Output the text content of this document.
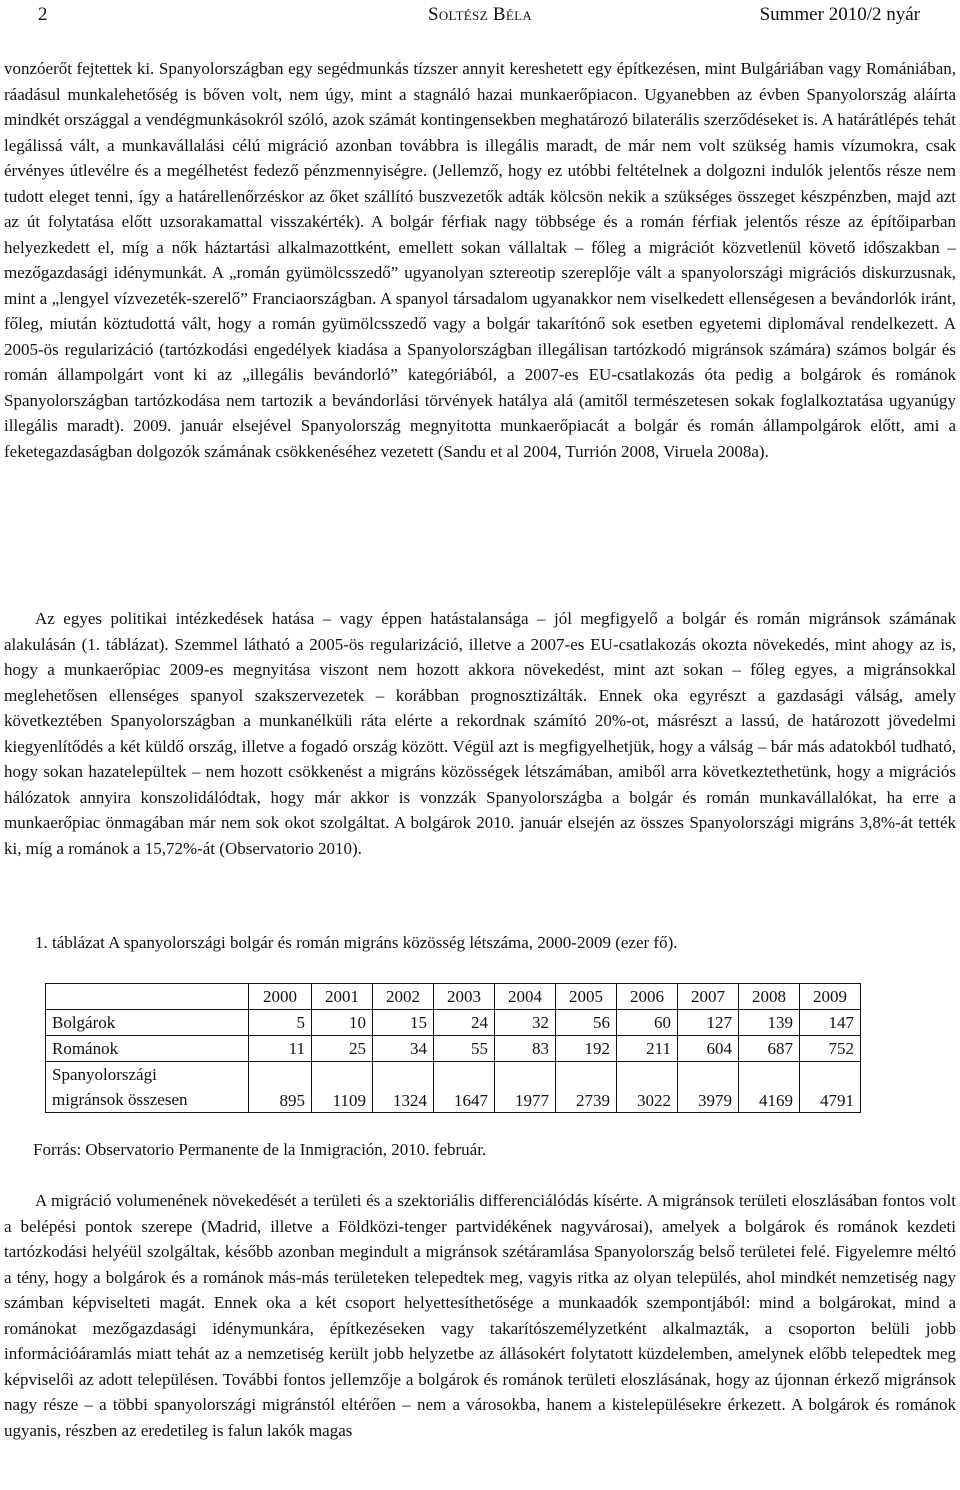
2	Soltész Béla	Summer 2010/2 nyár

vonzóerőt fejtettek ki. Spanyolországban egy segédmunkás tízszer annyit kereshetett egy építkezésen, mint Bulgáriában vagy Romániában, ráadásul munkalehetőség is bőven volt, nem úgy, mint a stagnáló hazai munkaerőpiacon. Ugyanebben az évben Spanyolország aláírta mindkét országgal a vendégmunkásokról szóló, azok számát kontingensekben meghatározó bilaterális szerződéseket is. A határátlépés tehát legálissá vált, a munkavállalási célú migráció azonban továbbra is illegális maradt, de már nem volt szükség hamis vízumokra, csak érvényes útlevélre és a megélhetést fedező pénzmennyiségre. (Jellemző, hogy ez utóbbi feltételnek a dolgozni indulók jelentős része nem tudott eleget tenni, így a határellenőrzéskor az őket szállító buszvezetők adták kölcsön nekik a szükséges összeget készpénzben, majd azt az út folytatása előtt uzsorakamattal visszakérték). A bolgár férfiak nagy többsége és a román férfiak jelentős része az építőiparban helyezkedett el, míg a nők háztartási alkalmazottként, emellett sokan vállaltak – főleg a migrációt közvetlenül követő időszakban – mezőgazdasági idénymunkát. A „román gyümölcsszedő” ugyanolyan sztereotip szereplője vált a spanyolországi migrációs diskurzusnak, mint a „lengyel vízvezeték-szerelő” Franciaországban. A spanyol társadalom ugyanakkor nem viselkedett ellenségesen a bevándorlók iránt, főleg, miután köztudottá vált, hogy a román gyümölcsszedő vagy a bolgár takarítónő sok esetben egyetemi diplomával rendelkezett. A 2005-ös regularizáció (tartózkodási engedélyek kiadása a Spanyolországban illegálisan tartózkodó migránsok számára) számos bolgár és román állampolgárt vont ki az „illegális bevándorló” kategóriából, a 2007-es EU-csatlakozás óta pedig a bolgárok és románok Spanyolországban tartózkodása nem tartozik a bevándorlási törvények hatálya alá (amitől természetesen sokak foglalkoztatása ugyanúgy illegális maradt). 2009. január elsejével Spanyolország megnyitotta munkaerőpiacát a bolgár és román állampolgárok előtt, ami a feketegazdaságban dolgozók számának csökkenéséhez vezetett (Sandu et al 2004, Turrión 2008, Viruela 2008a).

Az egyes politikai intézkedések hatása – vagy éppen hatástalansága – jól megfigyelő a bolgár és román migránsok számának alakulásán (1. táblázat). Szemmel látható a 2005-ös regularizáció, illetve a 2007-es EU-csatlakozás okozta növekedés, mint ahogy az is, hogy a munkaerőpiac 2009-es megnyitása viszont nem hozott akkora növekedést, mint azt sokan – főleg egyes, a migránsokkal meglehetősen ellenséges spanyol szakszervezetek – korábban prognosztizálták. Ennek oka egyrészt a gazdasági válság, amely következtében Spanyolországban a munkanélküli ráta elérte a rekordnak számító 20%-ot, másrészt a lassú, de határozott jövedelmi kiegyenlítődés a két küldő ország, illetve a fogadó ország között. Végül azt is megfigyelhetjük, hogy a válság – bár más adatokból tudható, hogy sokan hazatelepültek – nem hozott csökkenést a migráns közösségek létszámában, amiből arra következtethetünk, hogy a migrációs hálózatok annyira konszolidálódtak, hogy már akkor is vonzzák Spanyolországba a bolgár és román munkavállalókat, ha erre a munkaerőpiac önmagában már nem sok okot szolgáltat. A bolgárok 2010. január elsején az összes Spanyolországi migráns 3,8%-át tették ki, míg a románok a 15,72%-át (Observatorio 2010).

1. táblázat A spanyolországi bolgár és román migráns közösség létszáma, 2000-2009 (ezer fő).

	2000	2001	2002	2003	2004	2005	2006	2007	2008	2009
Bolgárok	5	10	15	24	32	56	60	127	139	147
Románok	11	25	34	55	83	192	211	604	687	752
Spanyolországi
migránsok összesen	895	1109	1324	1647	1977	2739	3022	3979	4169	4791

Forrás: Observatorio Permanente de la Inmigración, 2010. február.

A migráció volumenének növekedését a területi és a szektoriális differenciálódás kísérte. A migránsok területi eloszlásában fontos volt a belépési pontok szerepe (Madrid, illetve a Földközi-tenger partvidékének nagyvárosai), amelyek a bolgárok és románok kezdeti tartózkodási helyéül szolgáltak, később azonban megindult a migránsok szétáramlása Spanyolország belső területei felé. Figyelemre méltó a tény, hogy a bolgárok és a románok más-más területeken telepedtek meg, vagyis ritka az olyan település, ahol mindkét nemzetiség nagy számban képviselteti magát. Ennek oka a két csoport helyettesíthetősége a munkaadók szempontjából: mind a bolgárokat, mind a románokat mezőgazdasági idénymunkára, építkezéseken vagy takarítószemélyzetként alkalmazták, a csoporton belüli jobb információáramlás miatt tehát az a nemzetiség került jobb helyzetbe az állásokért folytatott küzdelemben, amelynek előbb telepedtek meg képviselői az adott településen. További fontos jellemzője a bolgárok és románok területi eloszlásának, hogy az újonnan érkező migránsok nagy része – a többi spanyolországi migránstól eltérően – nem a városokba, hanem a kistelepülésekre érkezett. A bolgárok és románok ugyanis, részben az eredetileg is falun lakók magas
